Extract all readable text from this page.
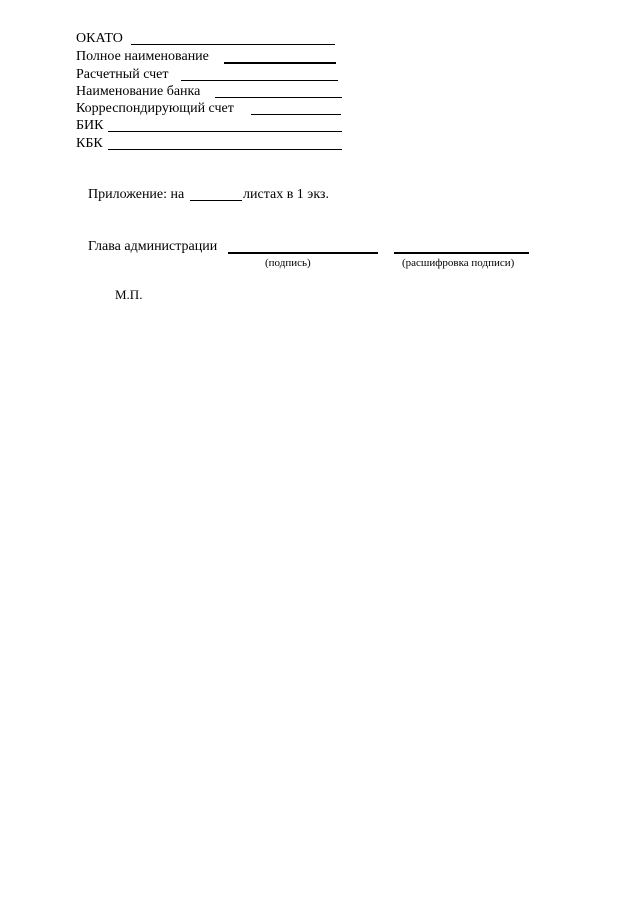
ОКАТО
Полное наименование
Расчетный счет
Наименование банка
Корреспондирующий счет
БИК
КБК
Приложение: на	листах в 1 экз.
Глава администрации
(подпись)	(расшифровка подписи)
М.П.
